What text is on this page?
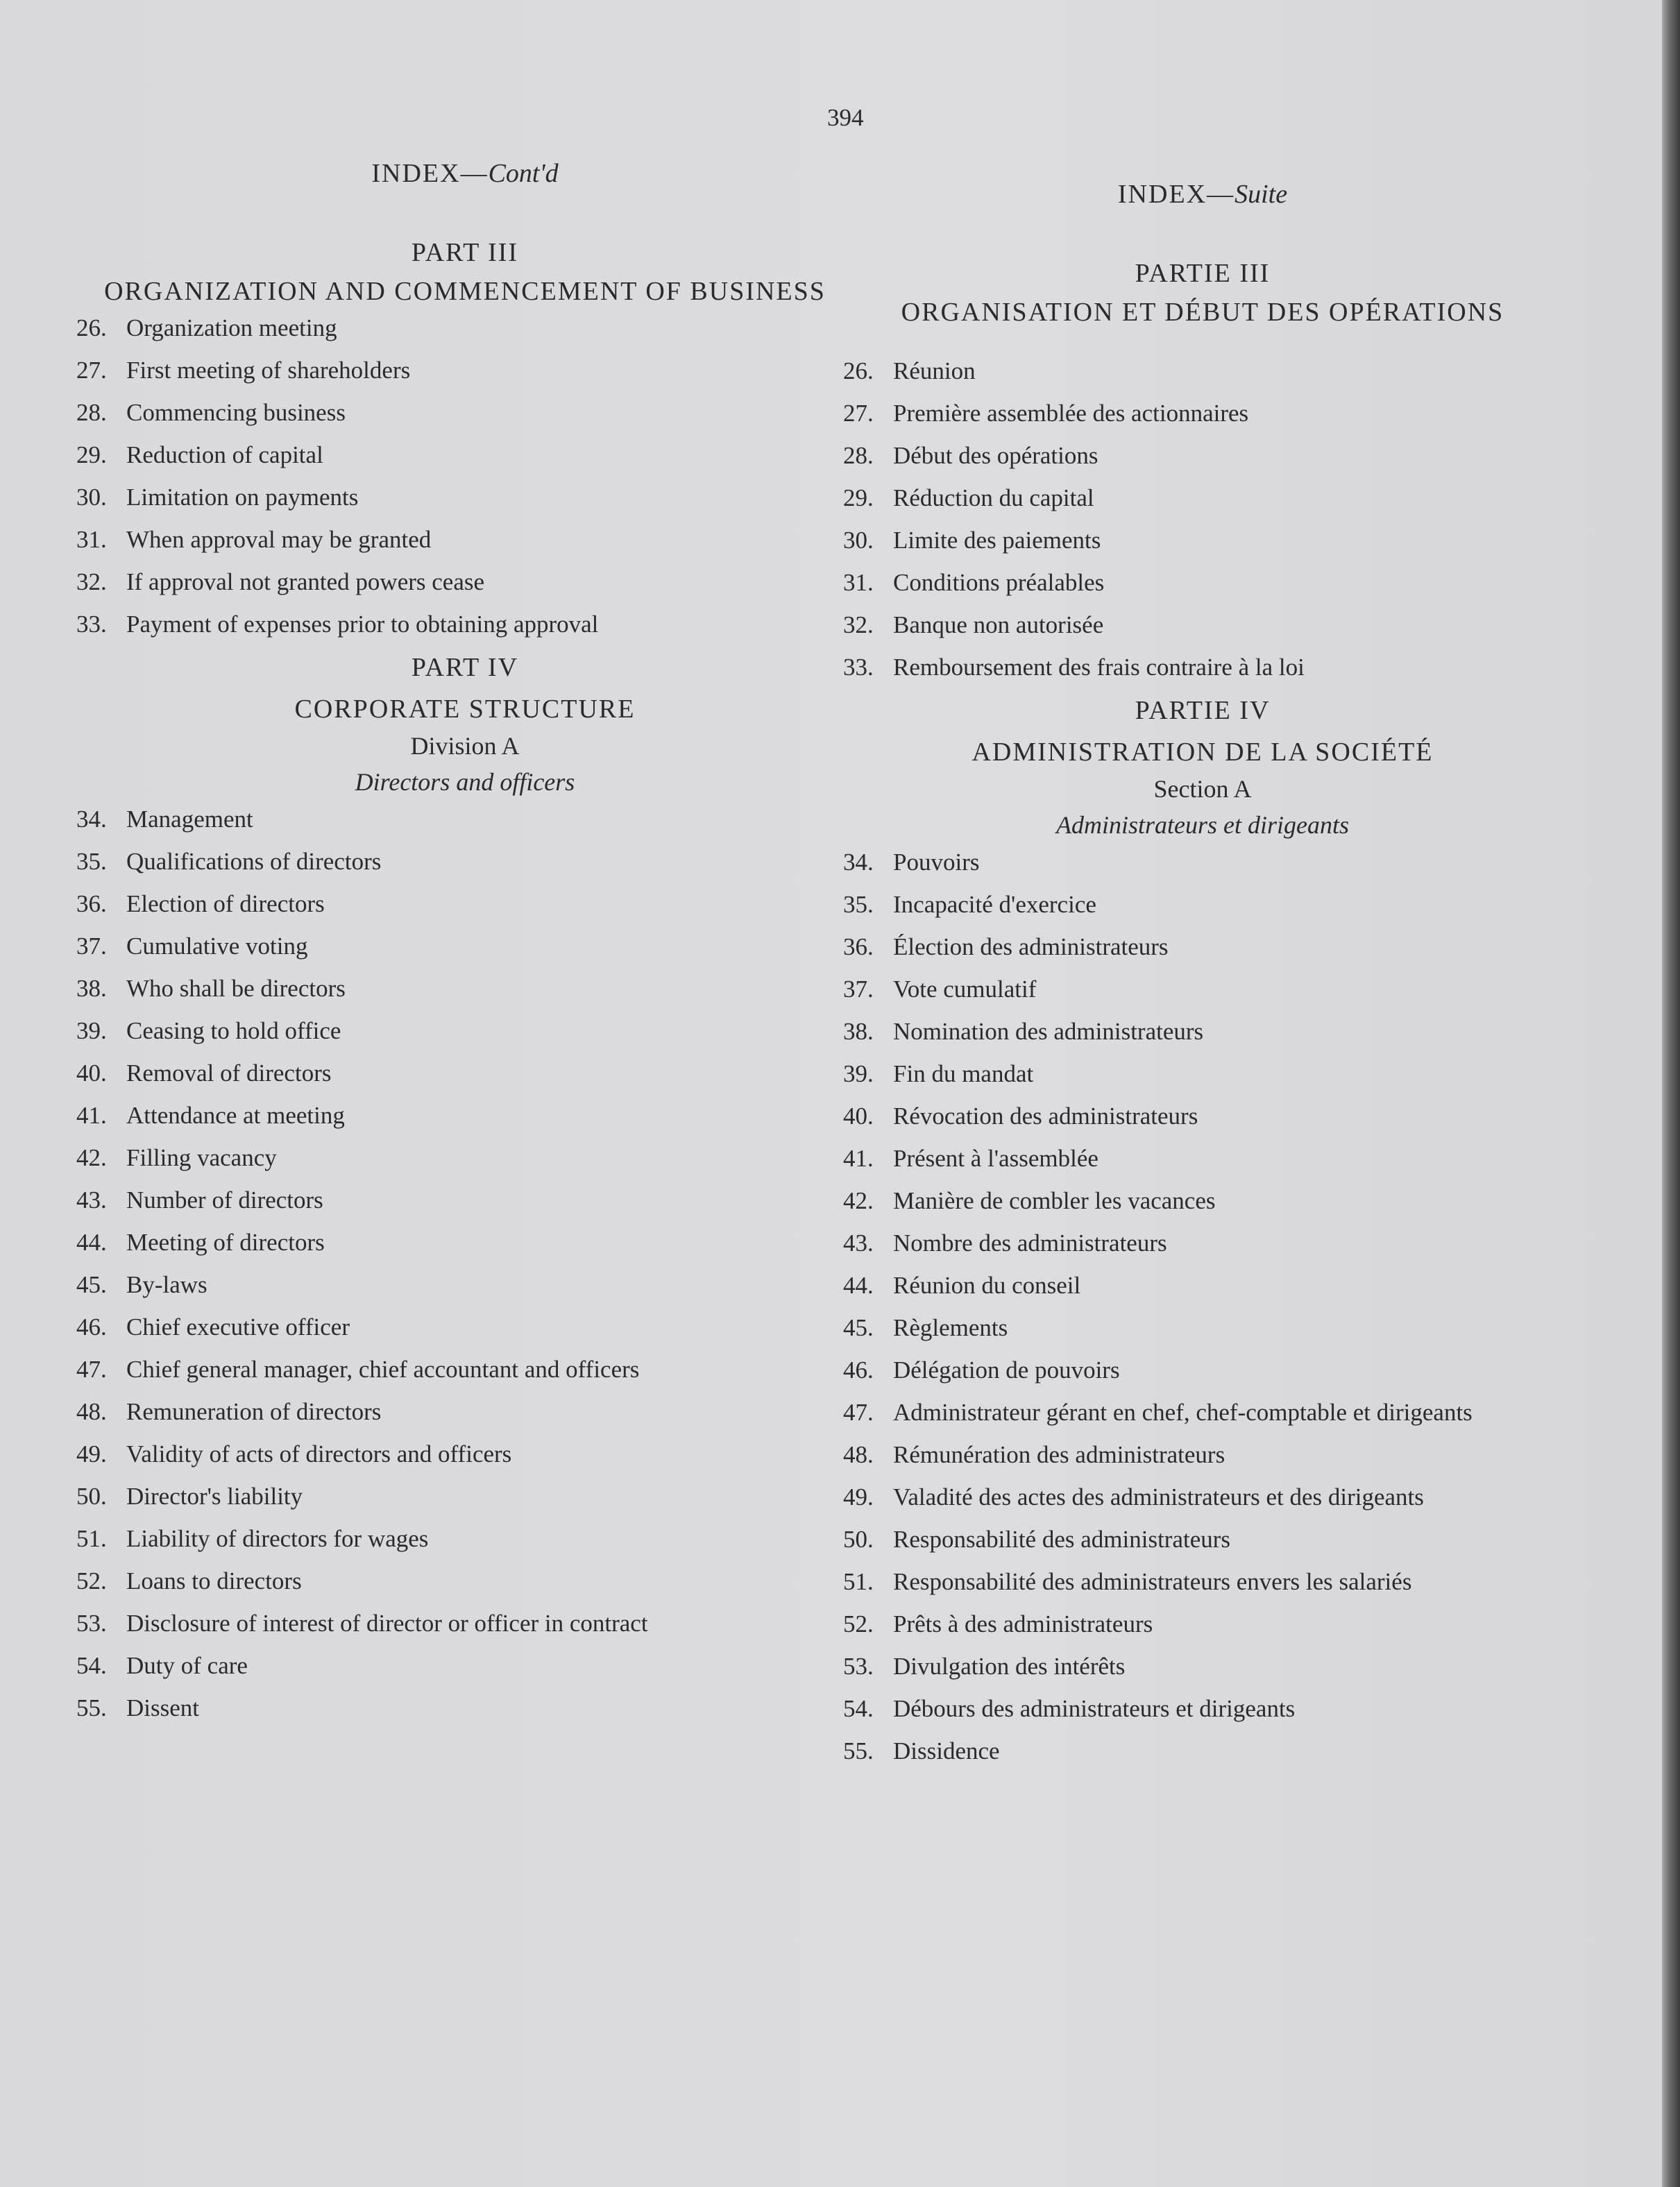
394
INDEX—Cont'd
PART III
ORGANIZATION AND COMMENCEMENT OF BUSINESS
26. Organization meeting
27. First meeting of shareholders
28. Commencing business
29. Reduction of capital
30. Limitation on payments
31. When approval may be granted
32. If approval not granted powers cease
33. Payment of expenses prior to obtaining approval
PART IV
CORPORATE STRUCTURE
Division A
Directors and officers
34. Management
35. Qualifications of directors
36. Election of directors
37. Cumulative voting
38. Who shall be directors
39. Ceasing to hold office
40. Removal of directors
41. Attendance at meeting
42. Filling vacancy
43. Number of directors
44. Meeting of directors
45. By-laws
46. Chief executive officer
47. Chief general manager, chief accountant and officers
48. Remuneration of directors
49. Validity of acts of directors and officers
50. Director's liability
51. Liability of directors for wages
52. Loans to directors
53. Disclosure of interest of director or officer in contract
54. Duty of care
55. Dissent
INDEX—Suite
PARTIE III
ORGANISATION ET DÉBUT DES OPÉRATIONS
26. Réunion
27. Première assemblée des actionnaires
28. Début des opérations
29. Réduction du capital
30. Limite des paiements
31. Conditions préalables
32. Banque non autorisée
33. Remboursement des frais contraire à la loi
PARTIE IV
ADMINISTRATION DE LA SOCIÉTÉ
Section A
Administrateurs et dirigeants
34. Pouvoirs
35. Incapacité d'exercice
36. Élection des administrateurs
37. Vote cumulatif
38. Nomination des administrateurs
39. Fin du mandat
40. Révocation des administrateurs
41. Présent à l'assemblée
42. Manière de combler les vacances
43. Nombre des administrateurs
44. Réunion du conseil
45. Règlements
46. Délégation de pouvoirs
47. Administrateur gérant en chef, chef-comptable et dirigeants
48. Rémunération des administrateurs
49. Valadité des actes des administrateurs et des dirigeants
50. Responsabilité des administrateurs
51. Responsabilité des administrateurs envers les salariés
52. Prêts à des administrateurs
53. Divulgation des intérêts
54. Débours des administrateurs et dirigeants
55. Dissidence
